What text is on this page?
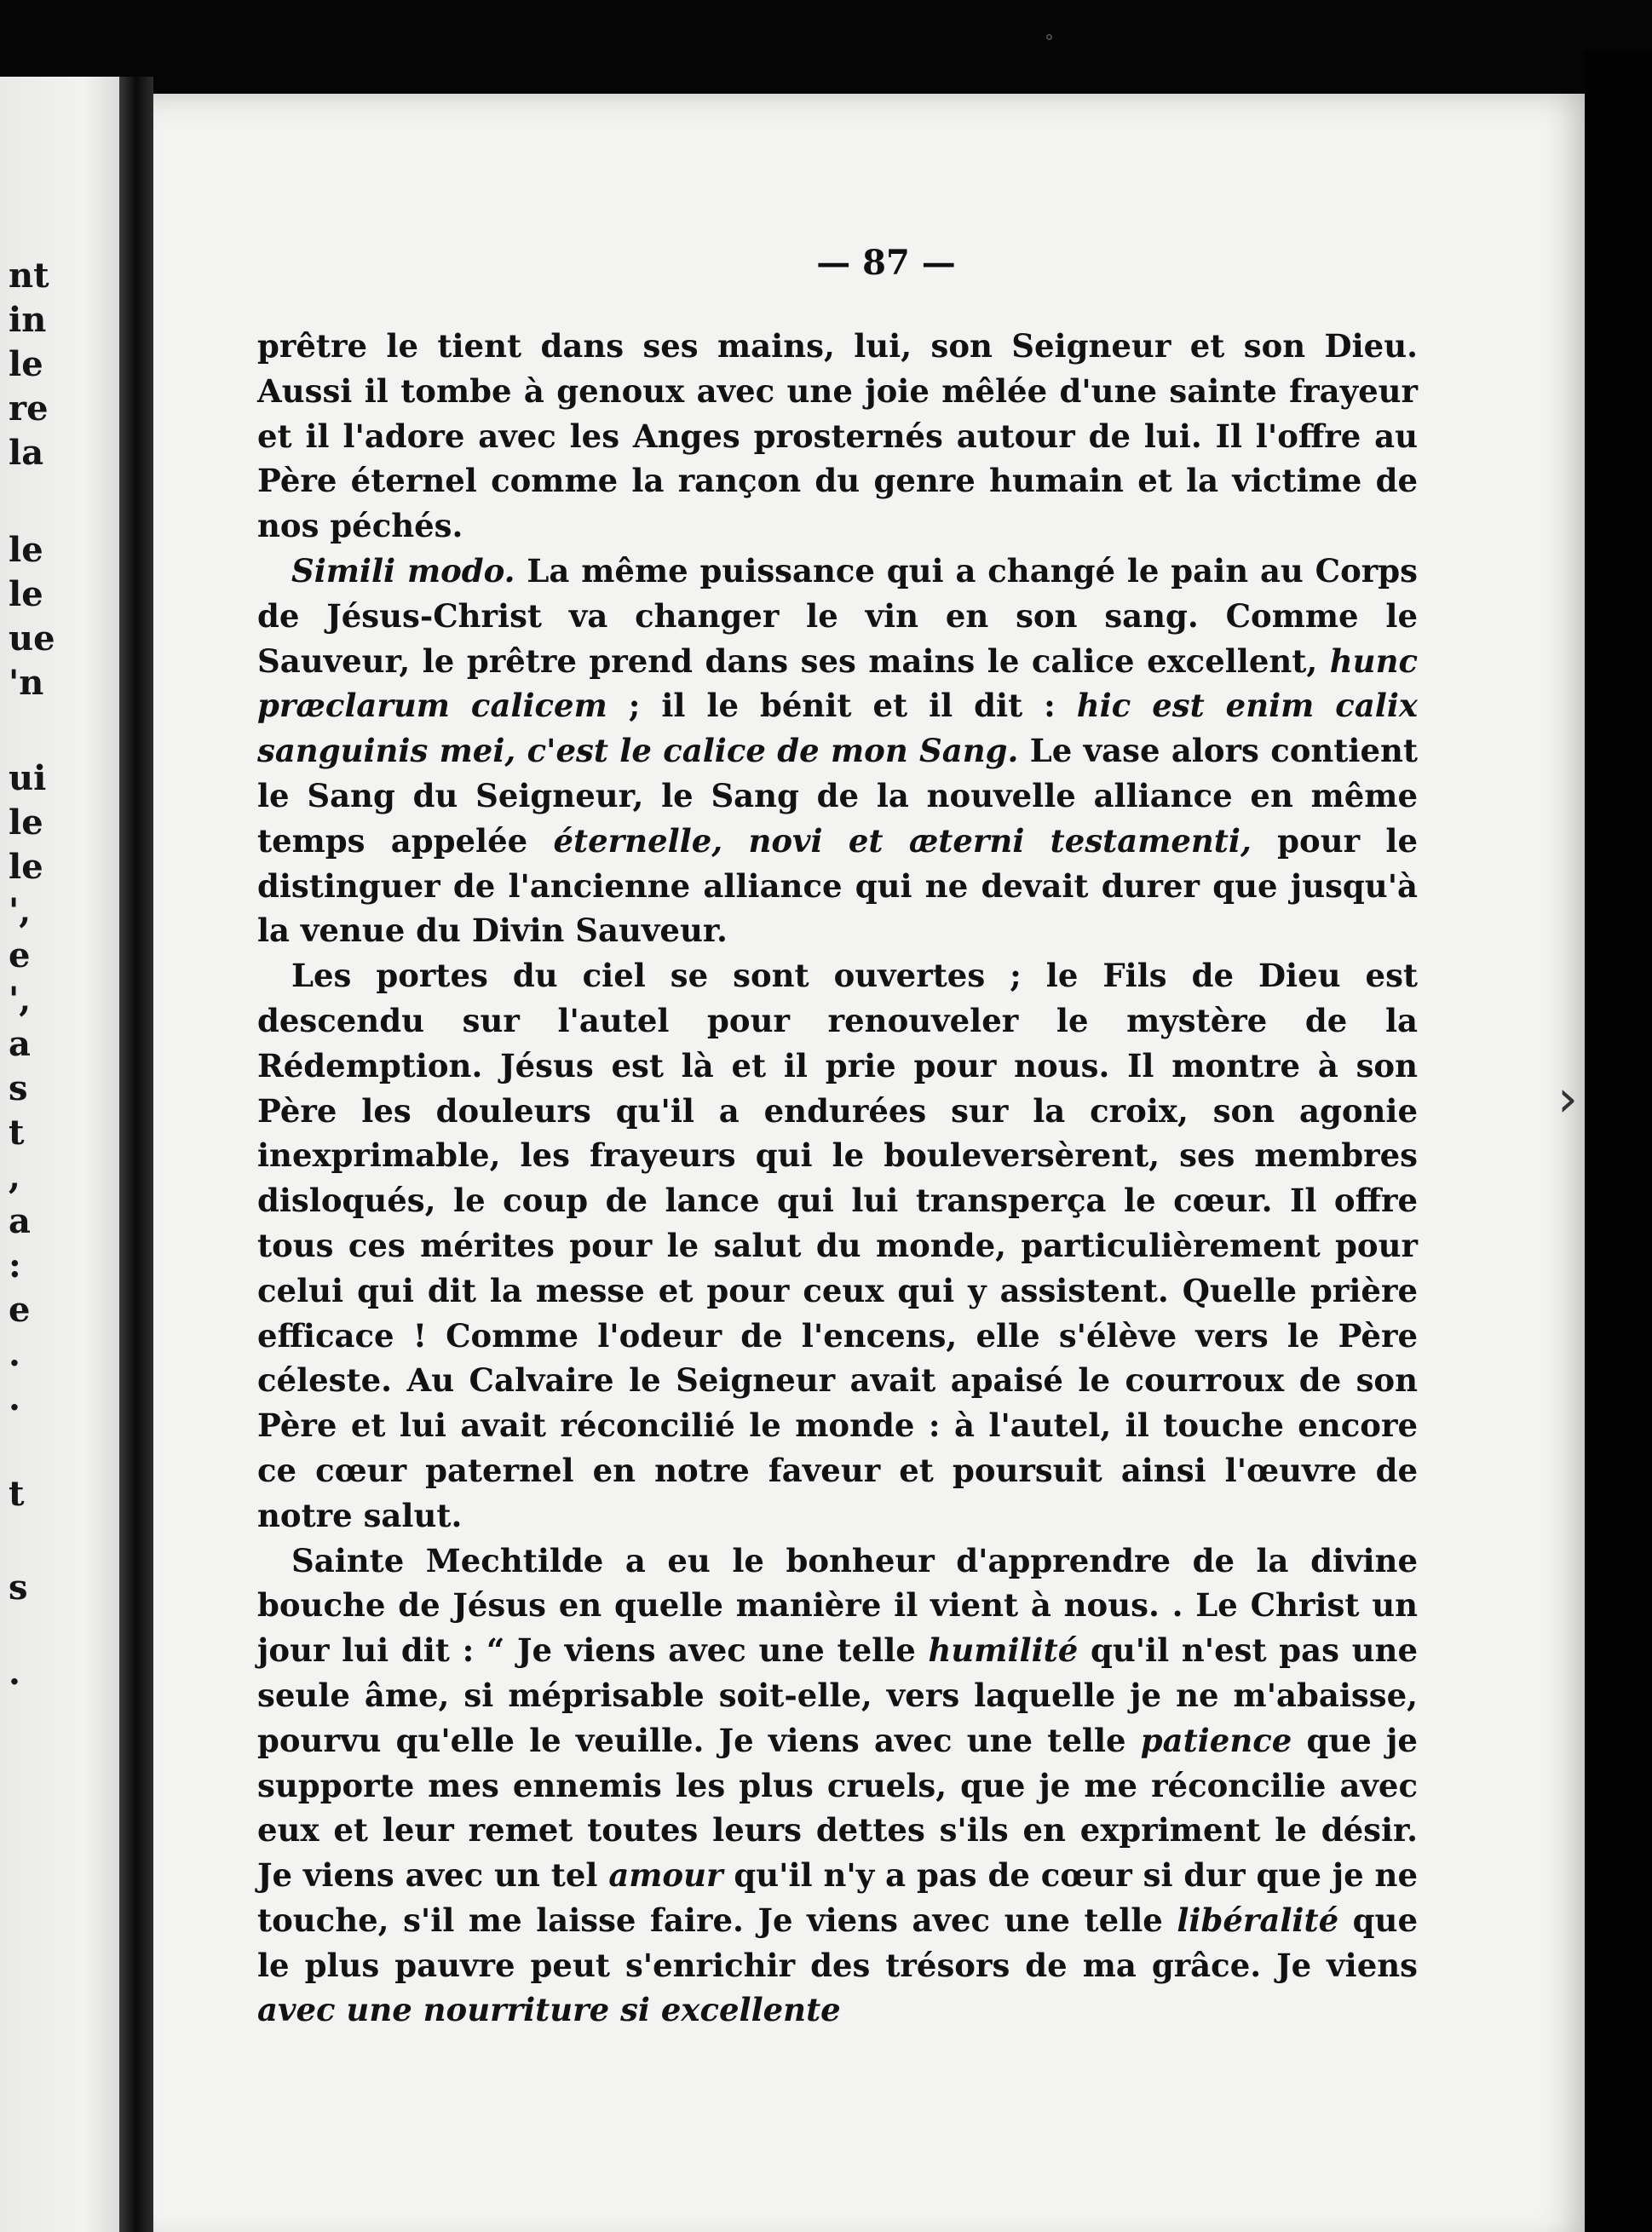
nt
in
le
re
la
le
le
ue
'n
ui
le
le
',
e
',
a
s
t
,
a
:
e
.
.
t
s
.
— 87 —

prêtre le tient dans ses mains, lui, son Seigneur et son Dieu. Aussi il tombe à genoux avec une joie mêlée d'une sainte frayeur et il l'adore avec les Anges prosternés autour de lui. Il l'offre au Père éternel comme la rançon du genre humain et la victime de nos péchés.

Simili modo. La même puissance qui a changé le pain au Corps de Jésus-Christ va changer le vin en son sang. Comme le Sauveur, le prêtre prend dans ses mains le calice excellent, hunc præclarum calicem ; il le bénit et il dit : hic est enim calix sanguinis mei, c'est le calice de mon Sang. Le vase alors contient le Sang du Seigneur, le Sang de la nouvelle alliance en même temps appelée éternelle, novi et æterni testamenti, pour le distinguer de l'ancienne alliance qui ne devait durer que jusqu'à la venue du Divin Sauveur.

Les portes du ciel se sont ouvertes ; le Fils de Dieu est descendu sur l'autel pour renouveler le mystère de la Rédemption. Jésus est là et il prie pour nous. Il montre à son Père les douleurs qu'il a endurées sur la croix, son agonie inexprimable, les frayeurs qui le bouleversèrent, ses membres disloqués, le coup de lance qui lui transperça le cœur. Il offre tous ces mérites pour le salut du monde, particulièrement pour celui qui dit la messe et pour ceux qui y assistent. Quelle prière efficace ! Comme l'odeur de l'encens, elle s'élève vers le Père céleste. Au Calvaire le Seigneur avait apaisé le courroux de son Père et lui avait réconcilié le monde : à l'autel, il touche encore ce cœur paternel en notre faveur et poursuit ainsi l'œuvre de notre salut.

Sainte Mechtilde a eu le bonheur d'apprendre de la divine bouche de Jésus en quelle manière il vient à nous. . Le Christ un jour lui dit : “ Je viens avec une telle humilité qu'il n'est pas une seule âme, si méprisable soit-elle, vers laquelle je ne m'abaisse, pourvu qu'elle le veuille. Je viens avec une telle patience que je supporte mes ennemis les plus cruels, que je me réconcilie avec eux et leur remet toutes leurs dettes s'ils en expriment le désir. Je viens avec un tel amour qu'il n'y a pas de cœur si dur que je ne touche, s'il me laisse faire. Je viens avec une telle libéralité que le plus pauvre peut s'enrichir des trésors de ma grâce. Je viens avec une nourriture si excellente

˚
›
